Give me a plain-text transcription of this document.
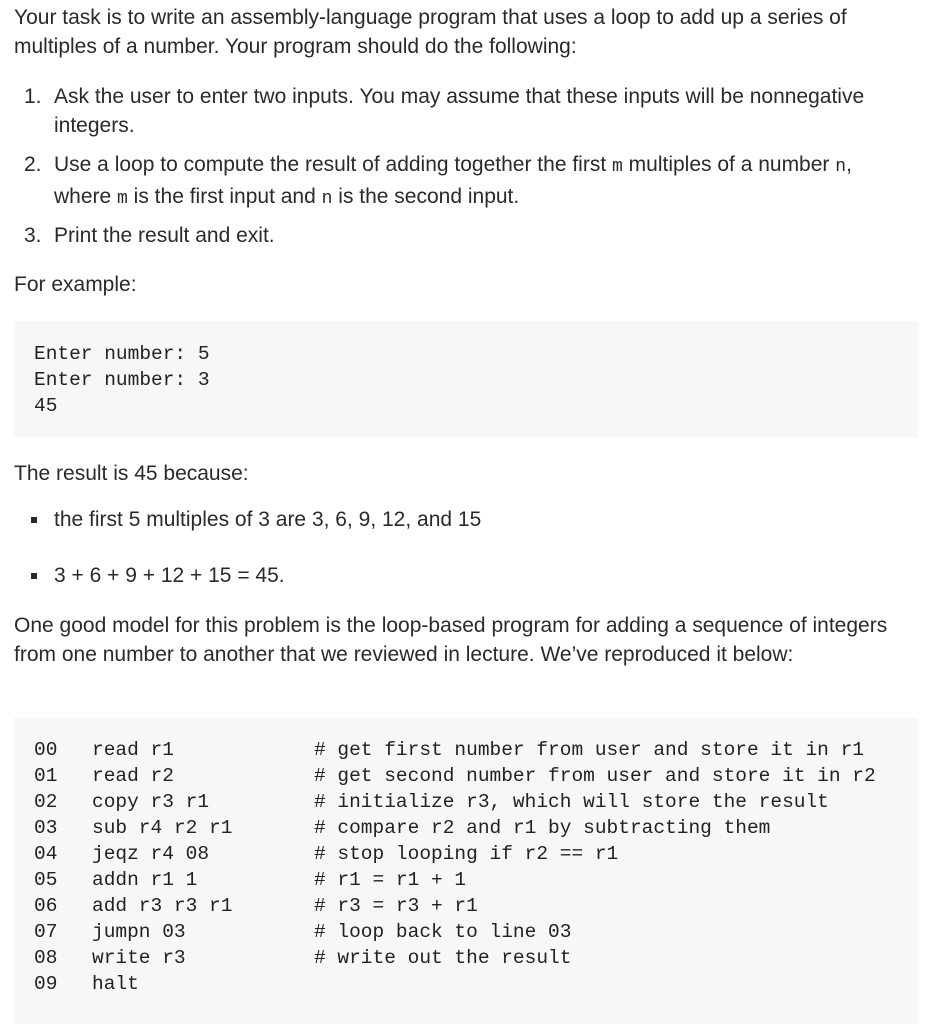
Your task is to write an assembly-language program that uses a loop to add up a series of multiples of a number. Your program should do the following:

1. Ask the user to enter two inputs. You may assume that these inputs will be nonnegative integers.
2. Use a loop to compute the result of adding together the first m multiples of a number n,
where m is the first input and n is the second input.
3. Print the result and exit.

For example:

Enter number: 5
Enter number: 3
45

The result is 45 because:

the first 5 multiples of 3 are 3, 6, 9, 12, and 15
3 + 6 + 9 + 12 + 15 = 45.

One good model for this problem is the loop-based program for adding a sequence of integers from one number to another that we reviewed in lecture. We’ve reproduced it below:

00 read r1	# get first number from user and store it in r1
01 read r2	# get second number from user and store it in r2
02 copy r3 r1	# initialize r3, which will store the result
03 sub r4 r2 r1	# compare r2 and r1 by subtracting them
04 jeqz r4 08	# stop looping if r2 == r1
05 addn r1 1	# r1 = r1 + 1
06 add r3 r3 r1	# r3 = r3 + r1
07 jumpn 03	# loop back to line 03
08 write r3	# write out the result
09 halt
